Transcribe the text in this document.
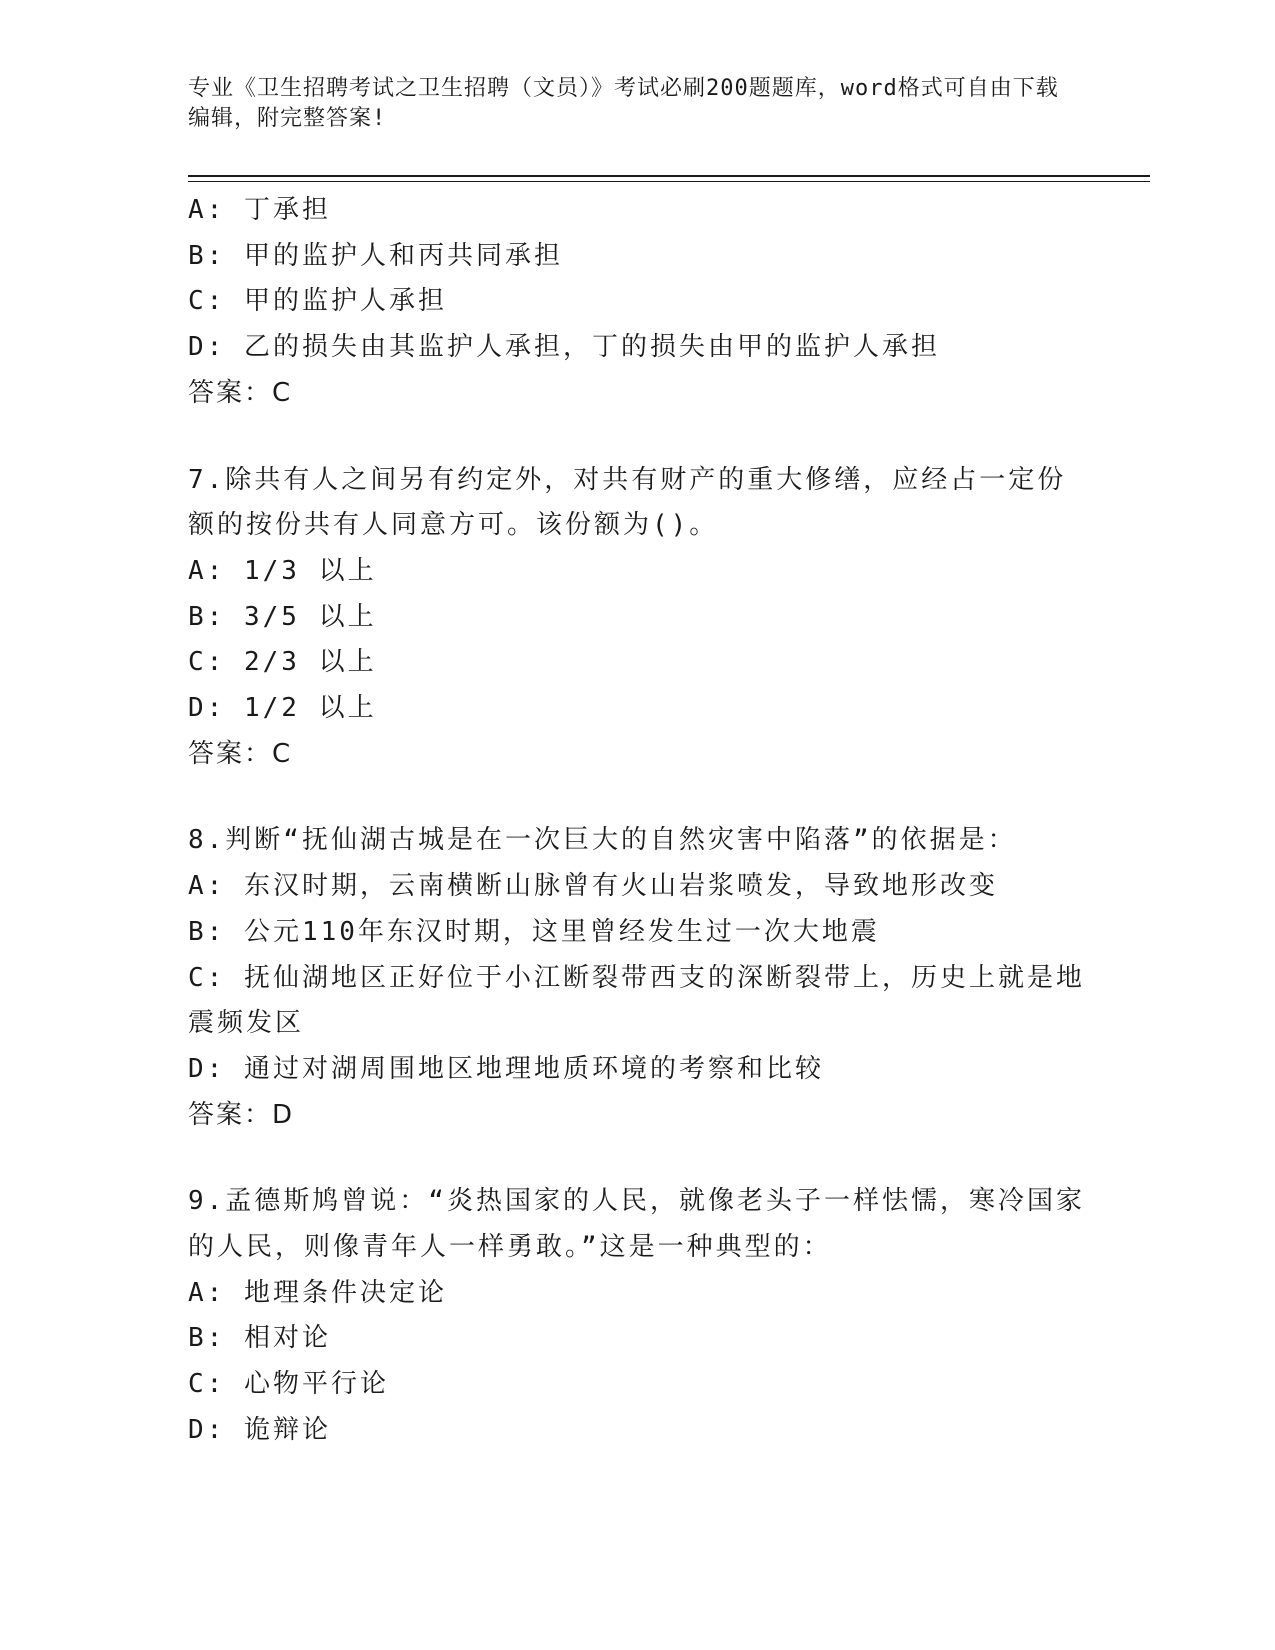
专业《卫生招聘考试之卫生招聘（文员）》考试必刷200题题库，word格式可自由下载编辑，附完整答案!
A: 丁承担
B: 甲的监护人和丙共同承担
C: 甲的监护人承担
D: 乙的损失由其监护人承担，丁的损失由甲的监护人承担
答案：C
7.除共有人之间另有约定外，对共有财产的重大修缮，应经占一定份额的按份共有人同意方可。该份额为()。
A: 1/3 以上
B: 3/5 以上
C: 2/3 以上
D: 1/2 以上
答案：C
8.判断“抚仙湖古城是在一次巨大的自然灾害中陷落”的依据是：
A: 东汉时期，云南横断山脉曾有火山岩浆喷发，导致地形改变
B: 公元110年东汉时期，这里曾经发生过一次大地震
C: 抚仙湖地区正好位于小江断裂带西支的深断裂带上，历史上就是地震频发区
D: 通过对湖周围地区地理地质环境的考察和比较
答案：D
9.孟德斯鸠曾说：“炎热国家的人民，就像老头子一样怯懦，寒冷国家的人民，则像青年人一样勇敢。”这是一种典型的：
A: 地理条件决定论
B: 相对论
C: 心物平行论
D: 诡辩论
